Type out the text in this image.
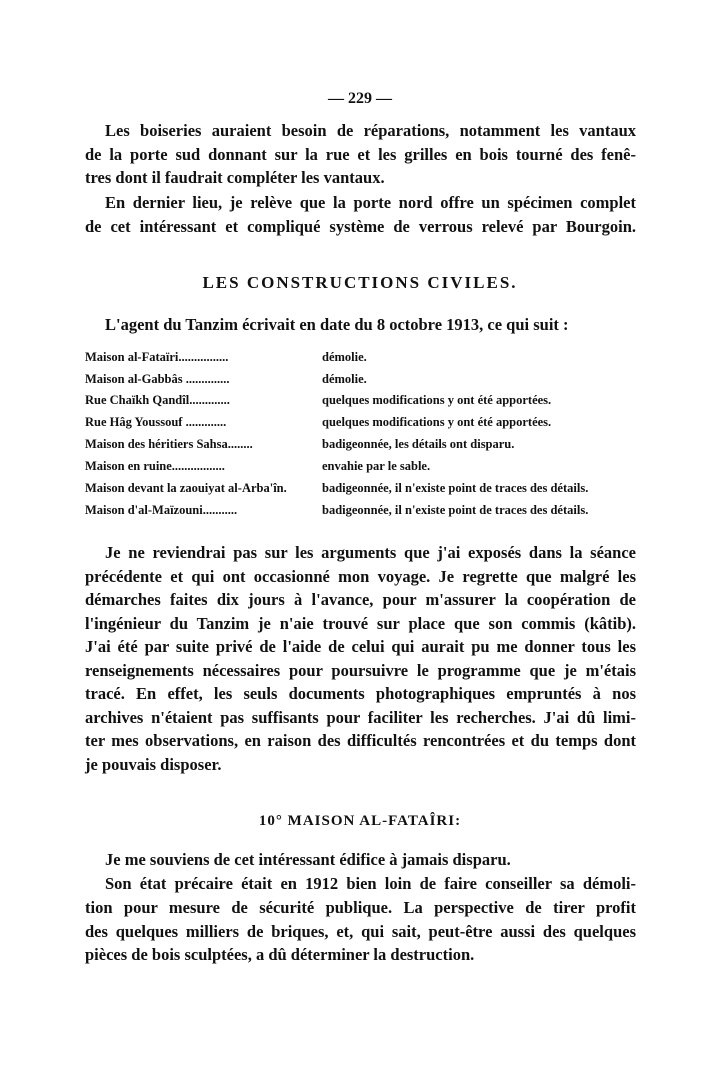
— 229 —
Les boiseries auraient besoin de réparations, notamment les vantaux
de la porte sud donnant sur la rue et les grilles en bois tourné des fenê-
tres dont il faudrait compléter les vantaux.
En dernier lieu, je relève que la porte nord offre un spécimen complet
de cet intéressant et compliqué système de verrous relevé par Bourgoin.
LES CONSTRUCTIONS CIVILES.
L'agent du Tanzim écrivait en date du 8 octobre 1913, ce qui suit :
Maison al-Fataïri................	démolie.
Maison al-Gabbâs ..............	démolie.
Rue Chaïkh Qandîl.............	quelques modifications y ont été apportées.
Rue Hâg Youssouf .............	quelques modifications y ont été apportées.
Maison des héritiers Sahsa........	badigeonnée, les détails ont disparu.
Maison en ruine.................	envahie par le sable.
Maison devant la zaouiyat al-Arba'în.	badigeonnée, il n'existe point de traces des détails.
Maison d'al-Maïzouni...........	badigeonnée, il n'existe point de traces des détails.
Je ne reviendrai pas sur les arguments que j'ai exposés dans la séance
précédente et qui ont occasionné mon voyage. Je regrette que malgré les
démarches faites dix jours à l'avance, pour m'assurer la coopération de
l'ingénieur du Tanzim je n'aie trouvé sur place que son commis (kâtib).
J'ai été par suite privé de l'aide de celui qui aurait pu me donner tous les
renseignements nécessaires pour poursuivre le programme que je m'étais
tracé. En effet, les seuls documents photographiques empruntés à nos
archives n'étaient pas suffisants pour faciliter les recherches. J'ai dû limi-
ter mes observations, en raison des difficultés rencontrées et du temps dont
je pouvais disposer.
10° MAISON AL-FATAÎRI:
Je me souviens de cet intéressant édifice à jamais disparu.
Son état précaire était en 1912 bien loin de faire conseiller sa démoli-
tion pour mesure de sécurité publique. La perspective de tirer profit
des quelques milliers de briques, et, qui sait, peut-être aussi des quelques
pièces de bois sculptées, a dû déterminer la destruction.
